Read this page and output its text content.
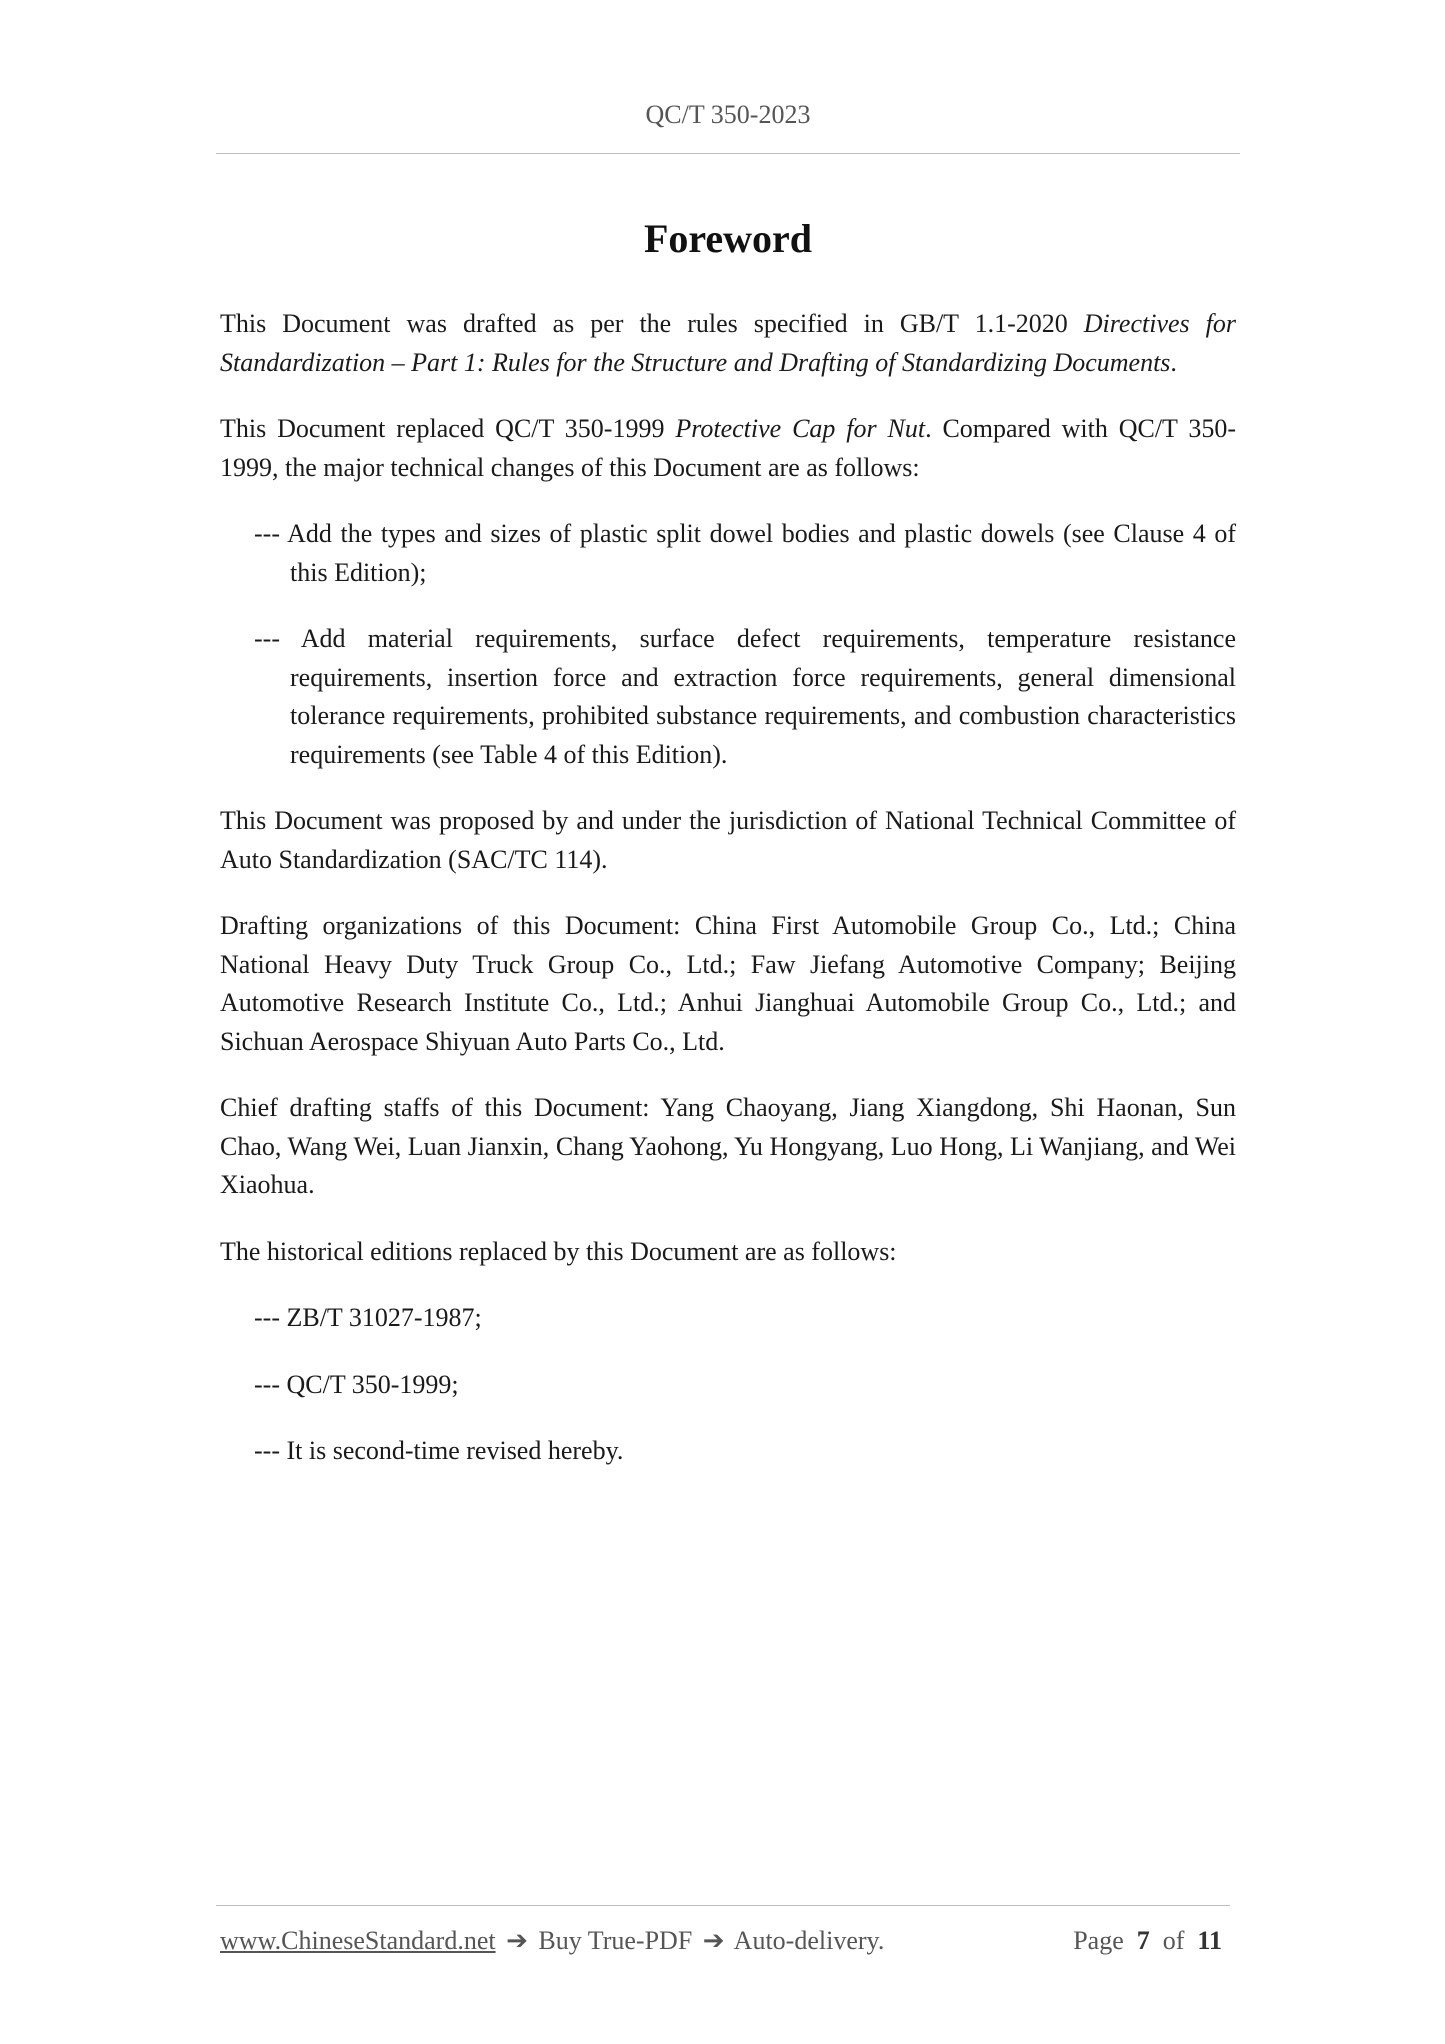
QC/T 350-2023
Foreword

This Document was drafted as per the rules specified in GB/T 1.1-2020 Directives for Standardization – Part 1: Rules for the Structure and Drafting of Standardizing Documents.

This Document replaced QC/T 350-1999 Protective Cap for Nut. Compared with QC/T 350-1999, the major technical changes of this Document are as follows:

--- Add the types and sizes of plastic split dowel bodies and plastic dowels (see Clause 4 of this Edition);

--- Add material requirements, surface defect requirements, temperature resistance requirements, insertion force and extraction force requirements, general dimensional tolerance requirements, prohibited substance requirements, and combustion characteristics requirements (see Table 4 of this Edition).

This Document was proposed by and under the jurisdiction of National Technical Committee of Auto Standardization (SAC/TC 114).

Drafting organizations of this Document: China First Automobile Group Co., Ltd.; China National Heavy Duty Truck Group Co., Ltd.; Faw Jiefang Automotive Company; Beijing Automotive Research Institute Co., Ltd.; Anhui Jianghuai Automobile Group Co., Ltd.; and Sichuan Aerospace Shiyuan Auto Parts Co., Ltd.

Chief drafting staffs of this Document: Yang Chaoyang, Jiang Xiangdong, Shi Haonan, Sun Chao, Wang Wei, Luan Jianxin, Chang Yaohong, Yu Hongyang, Luo Hong, Li Wanjiang, and Wei Xiaohua.

The historical editions replaced by this Document are as follows:

--- ZB/T 31027-1987;

--- QC/T 350-1999;

--- It is second-time revised hereby.

www.ChineseStandard.net ➔ Buy True-PDF ➔ Auto-delivery.	Page 7 of 11
